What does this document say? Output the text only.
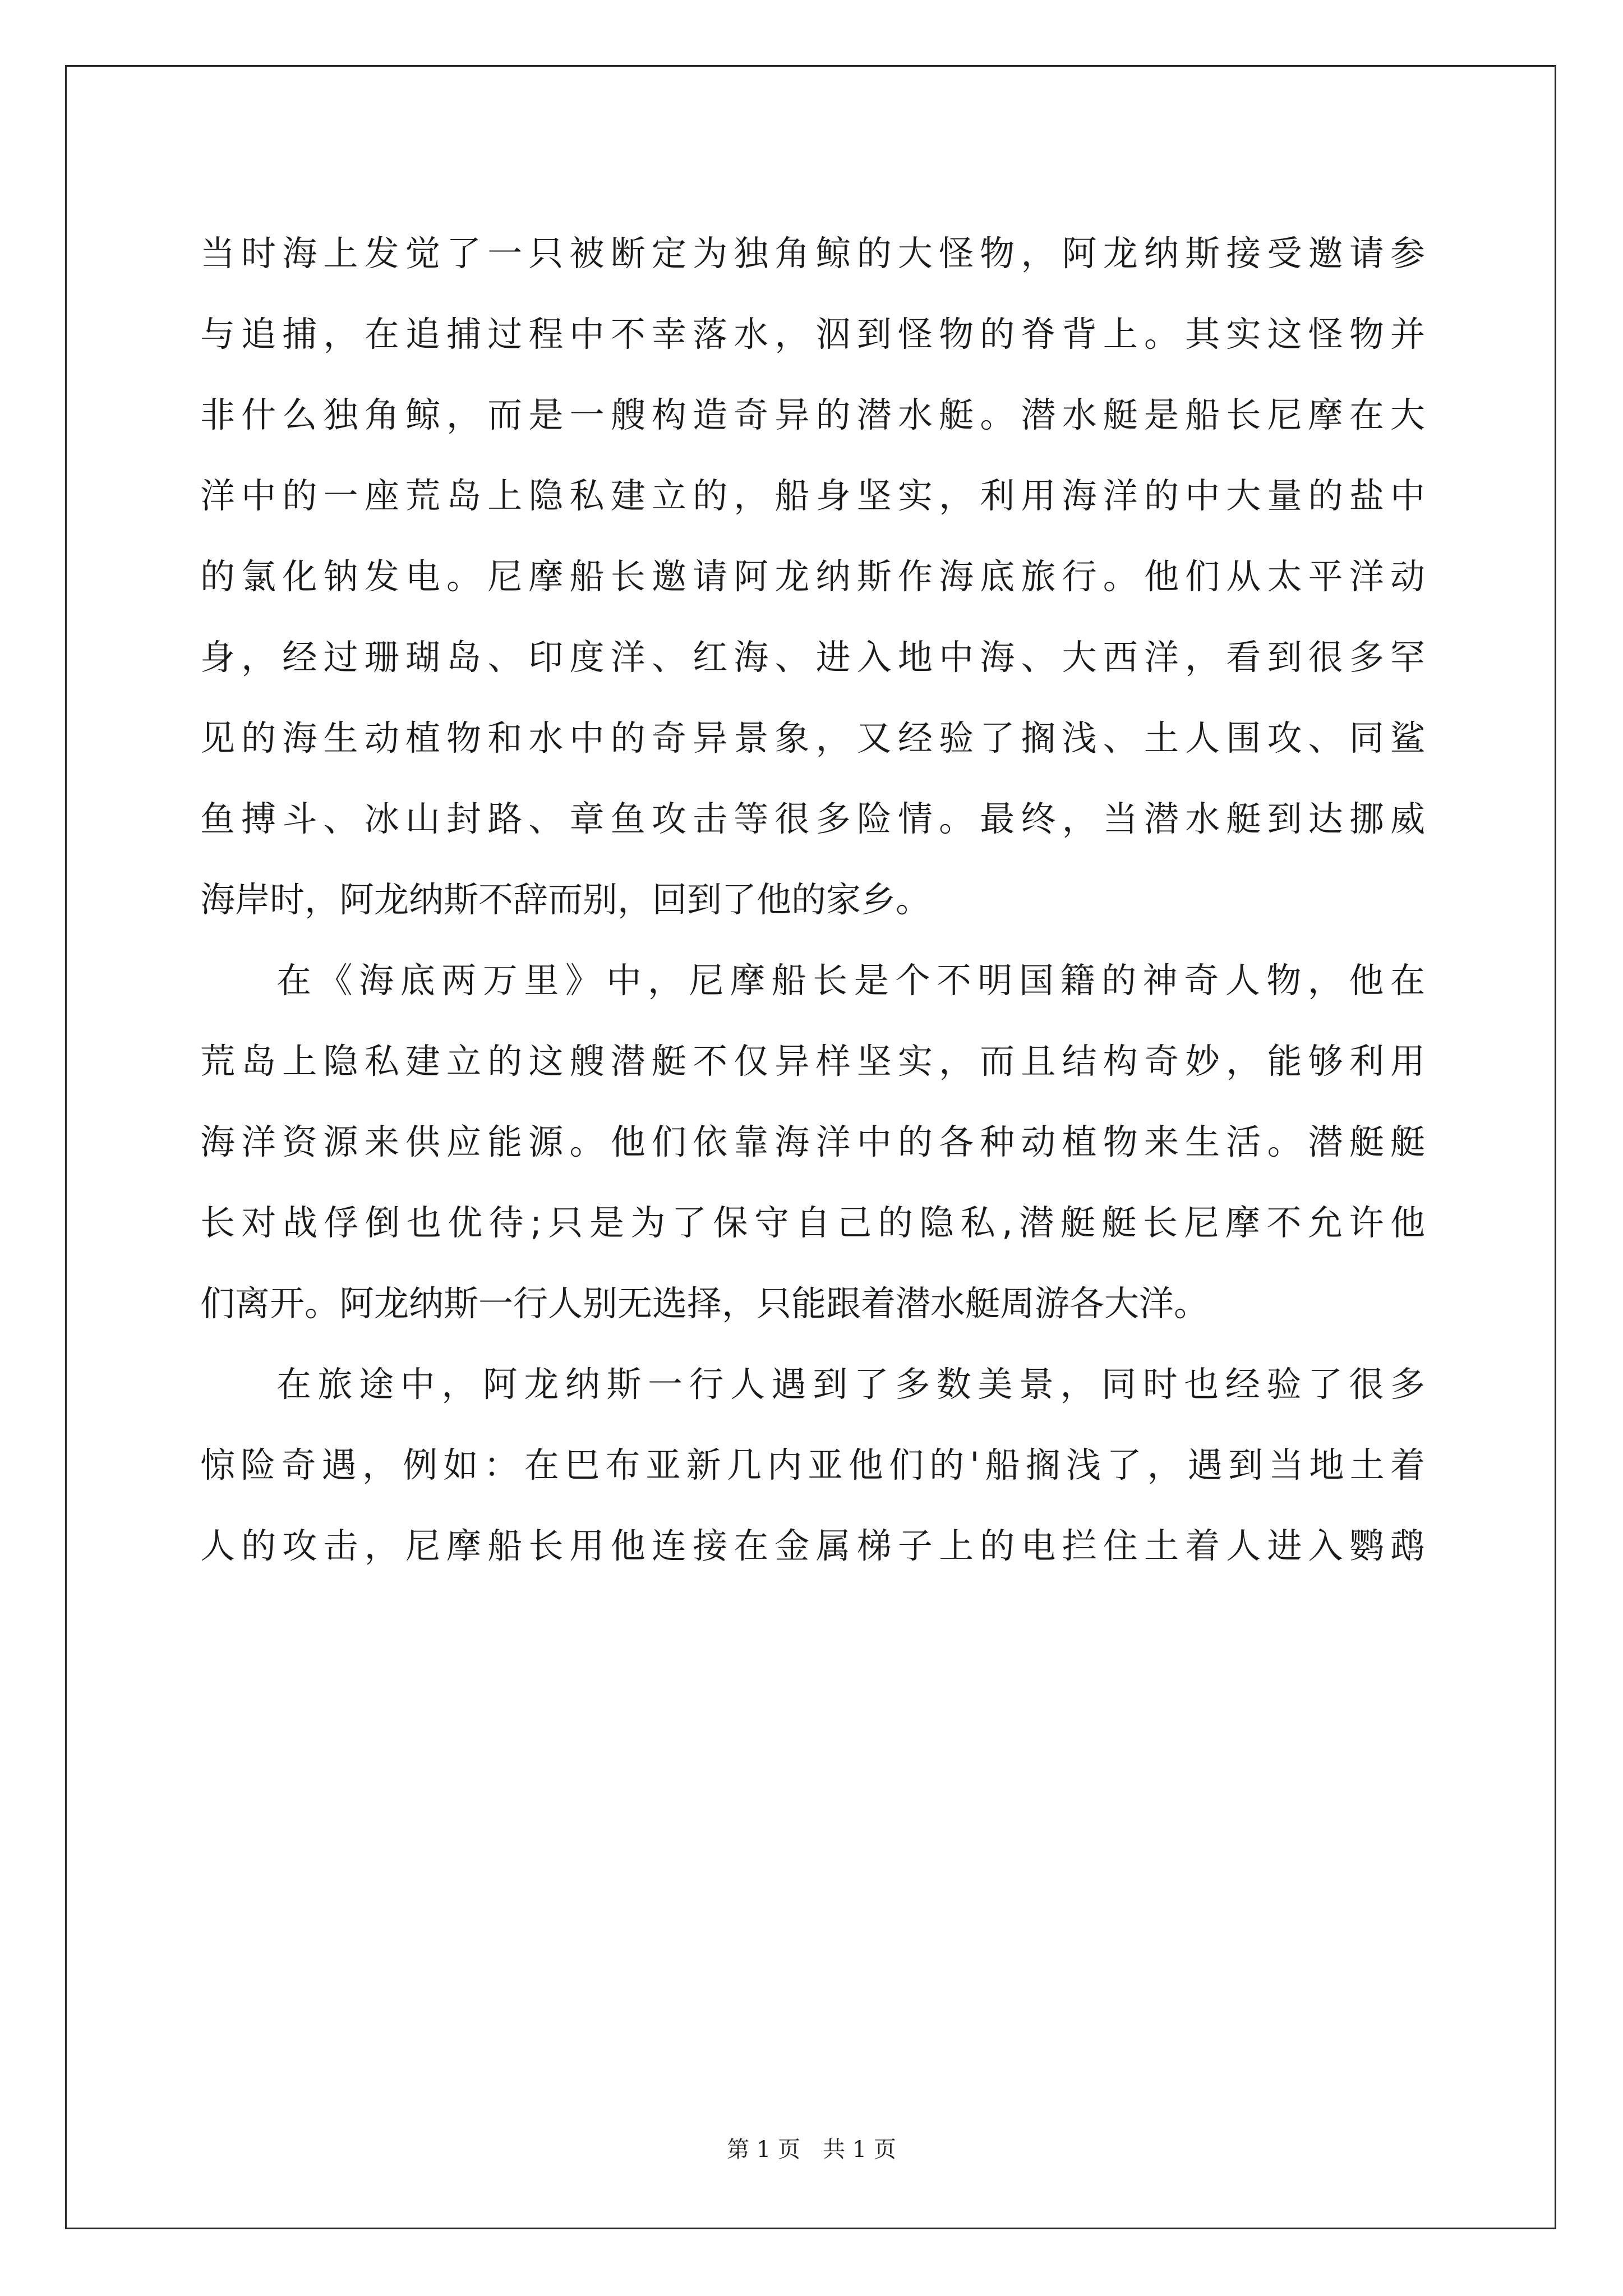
当时海上发觉了一只被断定为独角鲸的大怪物，阿龙纳斯接受邀请参
与追捕，在追捕过程中不幸落水，泅到怪物的脊背上。其实这怪物并
非什么独角鲸，而是一艘构造奇异的潜水艇。潜水艇是船长尼摩在大
洋中的一座荒岛上隐私建立的，船身坚实，利用海洋的中大量的盐中
的氯化钠发电。尼摩船长邀请阿龙纳斯作海底旅行。他们从太平洋动
身，经过珊瑚岛、印度洋、红海、进入地中海、大西洋，看到很多罕
见的海生动植物和水中的奇异景象，又经验了搁浅、土人围攻、同鲨
鱼搏斗、冰山封路、章鱼攻击等很多险情。最终，当潜水艇到达挪威
海岸时，阿龙纳斯不辞而别，回到了他的家乡。

在《海底两万里》中，尼摩船长是个不明国籍的神奇人物，他在
荒岛上隐私建立的这艘潜艇不仅异样坚实，而且结构奇妙，能够利用
海洋资源来供应能源。他们依靠海洋中的各种动植物来生活。潜艇艇
长对战俘倒也优待;只是为了保守自己的隐私,潜艇艇长尼摩不允许他
们离开。阿龙纳斯一行人别无选择，只能跟着潜水艇周游各大洋。

在旅途中，阿龙纳斯一行人遇到了多数美景，同时也经验了很多
惊险奇遇，例如：在巴布亚新几内亚他们的'船搁浅了，遇到当地土着
人的攻击，尼摩船长用他连接在金属梯子上的电拦住土着人进入鹦鹉

第 1 页 共 1 页
